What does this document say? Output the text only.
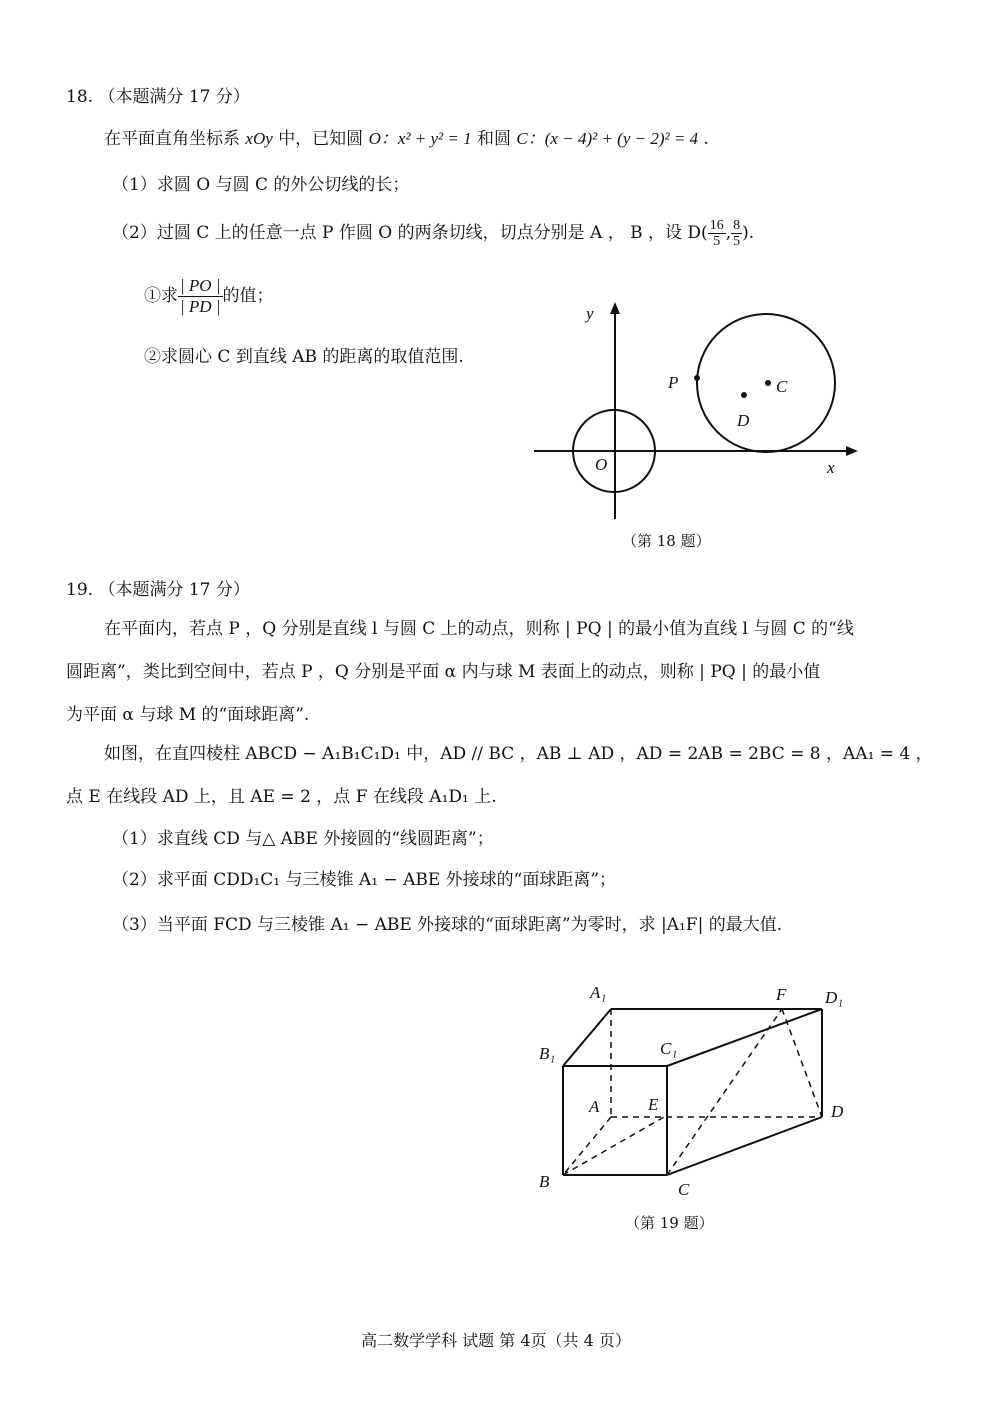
18. （本题满分 17 分）
在平面直角坐标系 xOy 中，已知圆 O：x² + y² = 1 和圆 C：(x − 4)² + (y − 2)² = 4 .
（1）求圆 O 与圆 C 的外公切线的长；
（2）过圆 C 上的任意一点 P 作圆 O 的两条切线，切点分别是 A ， B ，设 $D( \frac{16}{5}$ , $\frac{8}{5}$ ).
①求 $\frac{| PO |}{| PD |}$ 的值；
②求圆心 C 到直线 AB 的距离的取值范围.
y
x
O
P	C
D
（第 18 题）
19. （本题满分 17 分）
在平面内，若点 P ，Q 分别是直线 l 与圆 C 上的动点，则称 | PQ | 的最小值为直线 l 与圆 C 的“线
圆距离”，类比到空间中，若点 P ，Q 分别是平面 α 内与球 M 表面上的动点，则称 | PQ | 的最小值
为平面 α 与球 M 的“面球距离”.
如图，在直四棱柱 ABCD − A₁B₁C₁D₁ 中，AD // BC ，AB ⊥ AD ，AD = 2AB = 2BC = 8 ，AA₁ = 4 ，
点 E 在线段 AD 上，且 AE = 2 ，点 F 在线段 A₁D₁ 上.
（1）求直线 CD 与△ ABE 外接圆的“线圆距离”；
（2）求平面 CDD₁C₁ 与三棱锥 A₁ − ABE 外接球的“面球距离”；
（3）当平面 FCD 与三棱锥 A₁ − ABE 外接球的“面球距离”为零时，求 |A₁F| 的最大值.
A₁	F D₁
B₁	C₁
A	E	D
B	C
（第 19 题）
高二数学学科 试题 第 4页（共 4 页）
